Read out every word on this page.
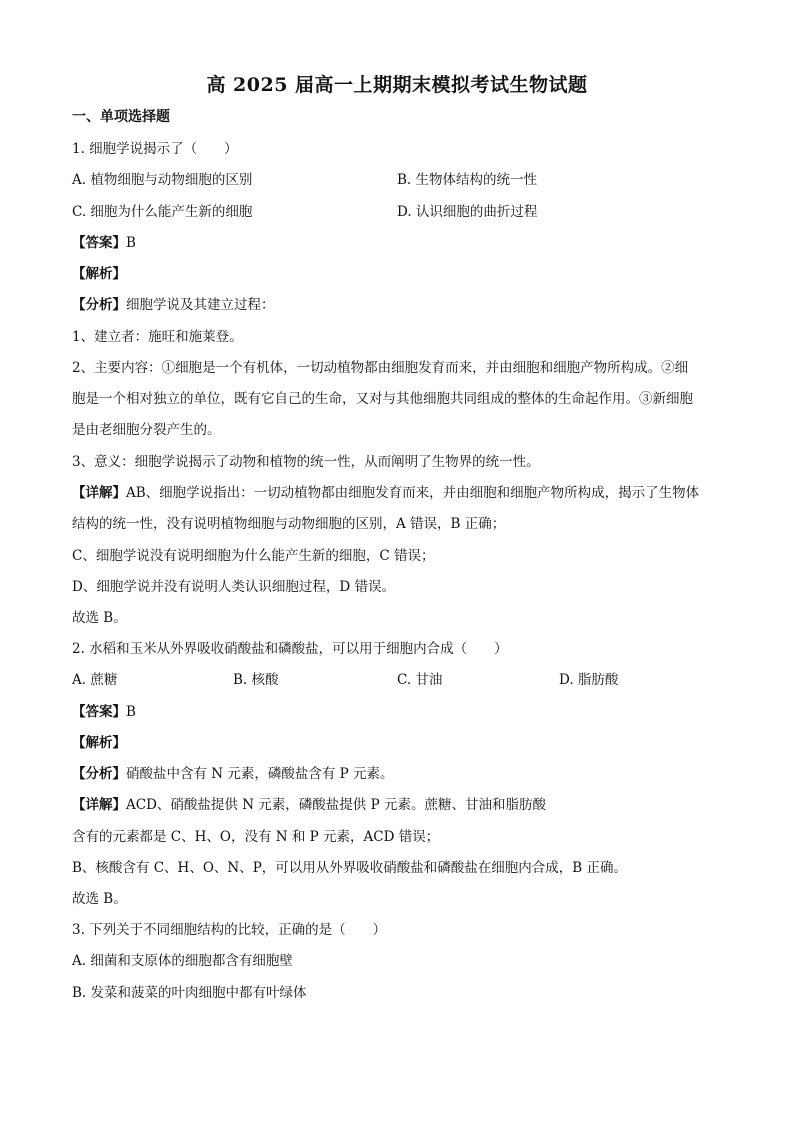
高 2025 届高一上期期末模拟考试生物试题
一、单项选择题
1. 细胞学说揭示了（　　）
A. 植物细胞与动物细胞的区别	B. 生物体结构的统一性
C. 细胞为什么能产生新的细胞	D. 认识细胞的曲折过程
【答案】B
【解析】
【分析】细胞学说及其建立过程：
1、建立者：施旺和施莱登。
2、主要内容：①细胞是一个有机体，一切动植物都由细胞发育而来，并由细胞和细胞产物所构成。②细
胞是一个相对独立的单位，既有它自己的生命，又对与其他细胞共同组成的整体的生命起作用。③新细胞
是由老细胞分裂产生的。
3、意义：细胞学说揭示了动物和植物的统一性，从而阐明了生物界的统一性。
【详解】AB、细胞学说指出：一切动植物都由细胞发育而来，并由细胞和细胞产物所构成，揭示了生物体
结构的统一性，没有说明植物细胞与动物细胞的区别，A 错误，B 正确；
C、细胞学说没有说明细胞为什么能产生新的细胞，C 错误；
D、细胞学说并没有说明人类认识细胞过程，D 错误。
故选 B。
2. 水稻和玉米从外界吸收硝酸盐和磷酸盐，可以用于细胞内合成（　　）
A. 蔗糖	B. 核酸	C. 甘油	D. 脂肪酸
【答案】B
【解析】
【分析】硝酸盐中含有 N 元素，磷酸盐含有 P 元素。
【详解】ACD、硝酸盐提供 N 元素，磷酸盐提供 P 元素。蔗糖、甘油和脂肪酸
含有的元素都是 C、H、O，没有 N 和 P 元素，ACD 错误；
B、核酸含有 C、H、O、N、P，可以用从外界吸收硝酸盐和磷酸盐在细胞内合成，B 正确。
故选 B。
3. 下列关于不同细胞结构的比较，正确的是（　　）
A. 细菌和支原体的细胞都含有细胞壁
B. 发菜和菠菜的叶肉细胞中都有叶绿体
